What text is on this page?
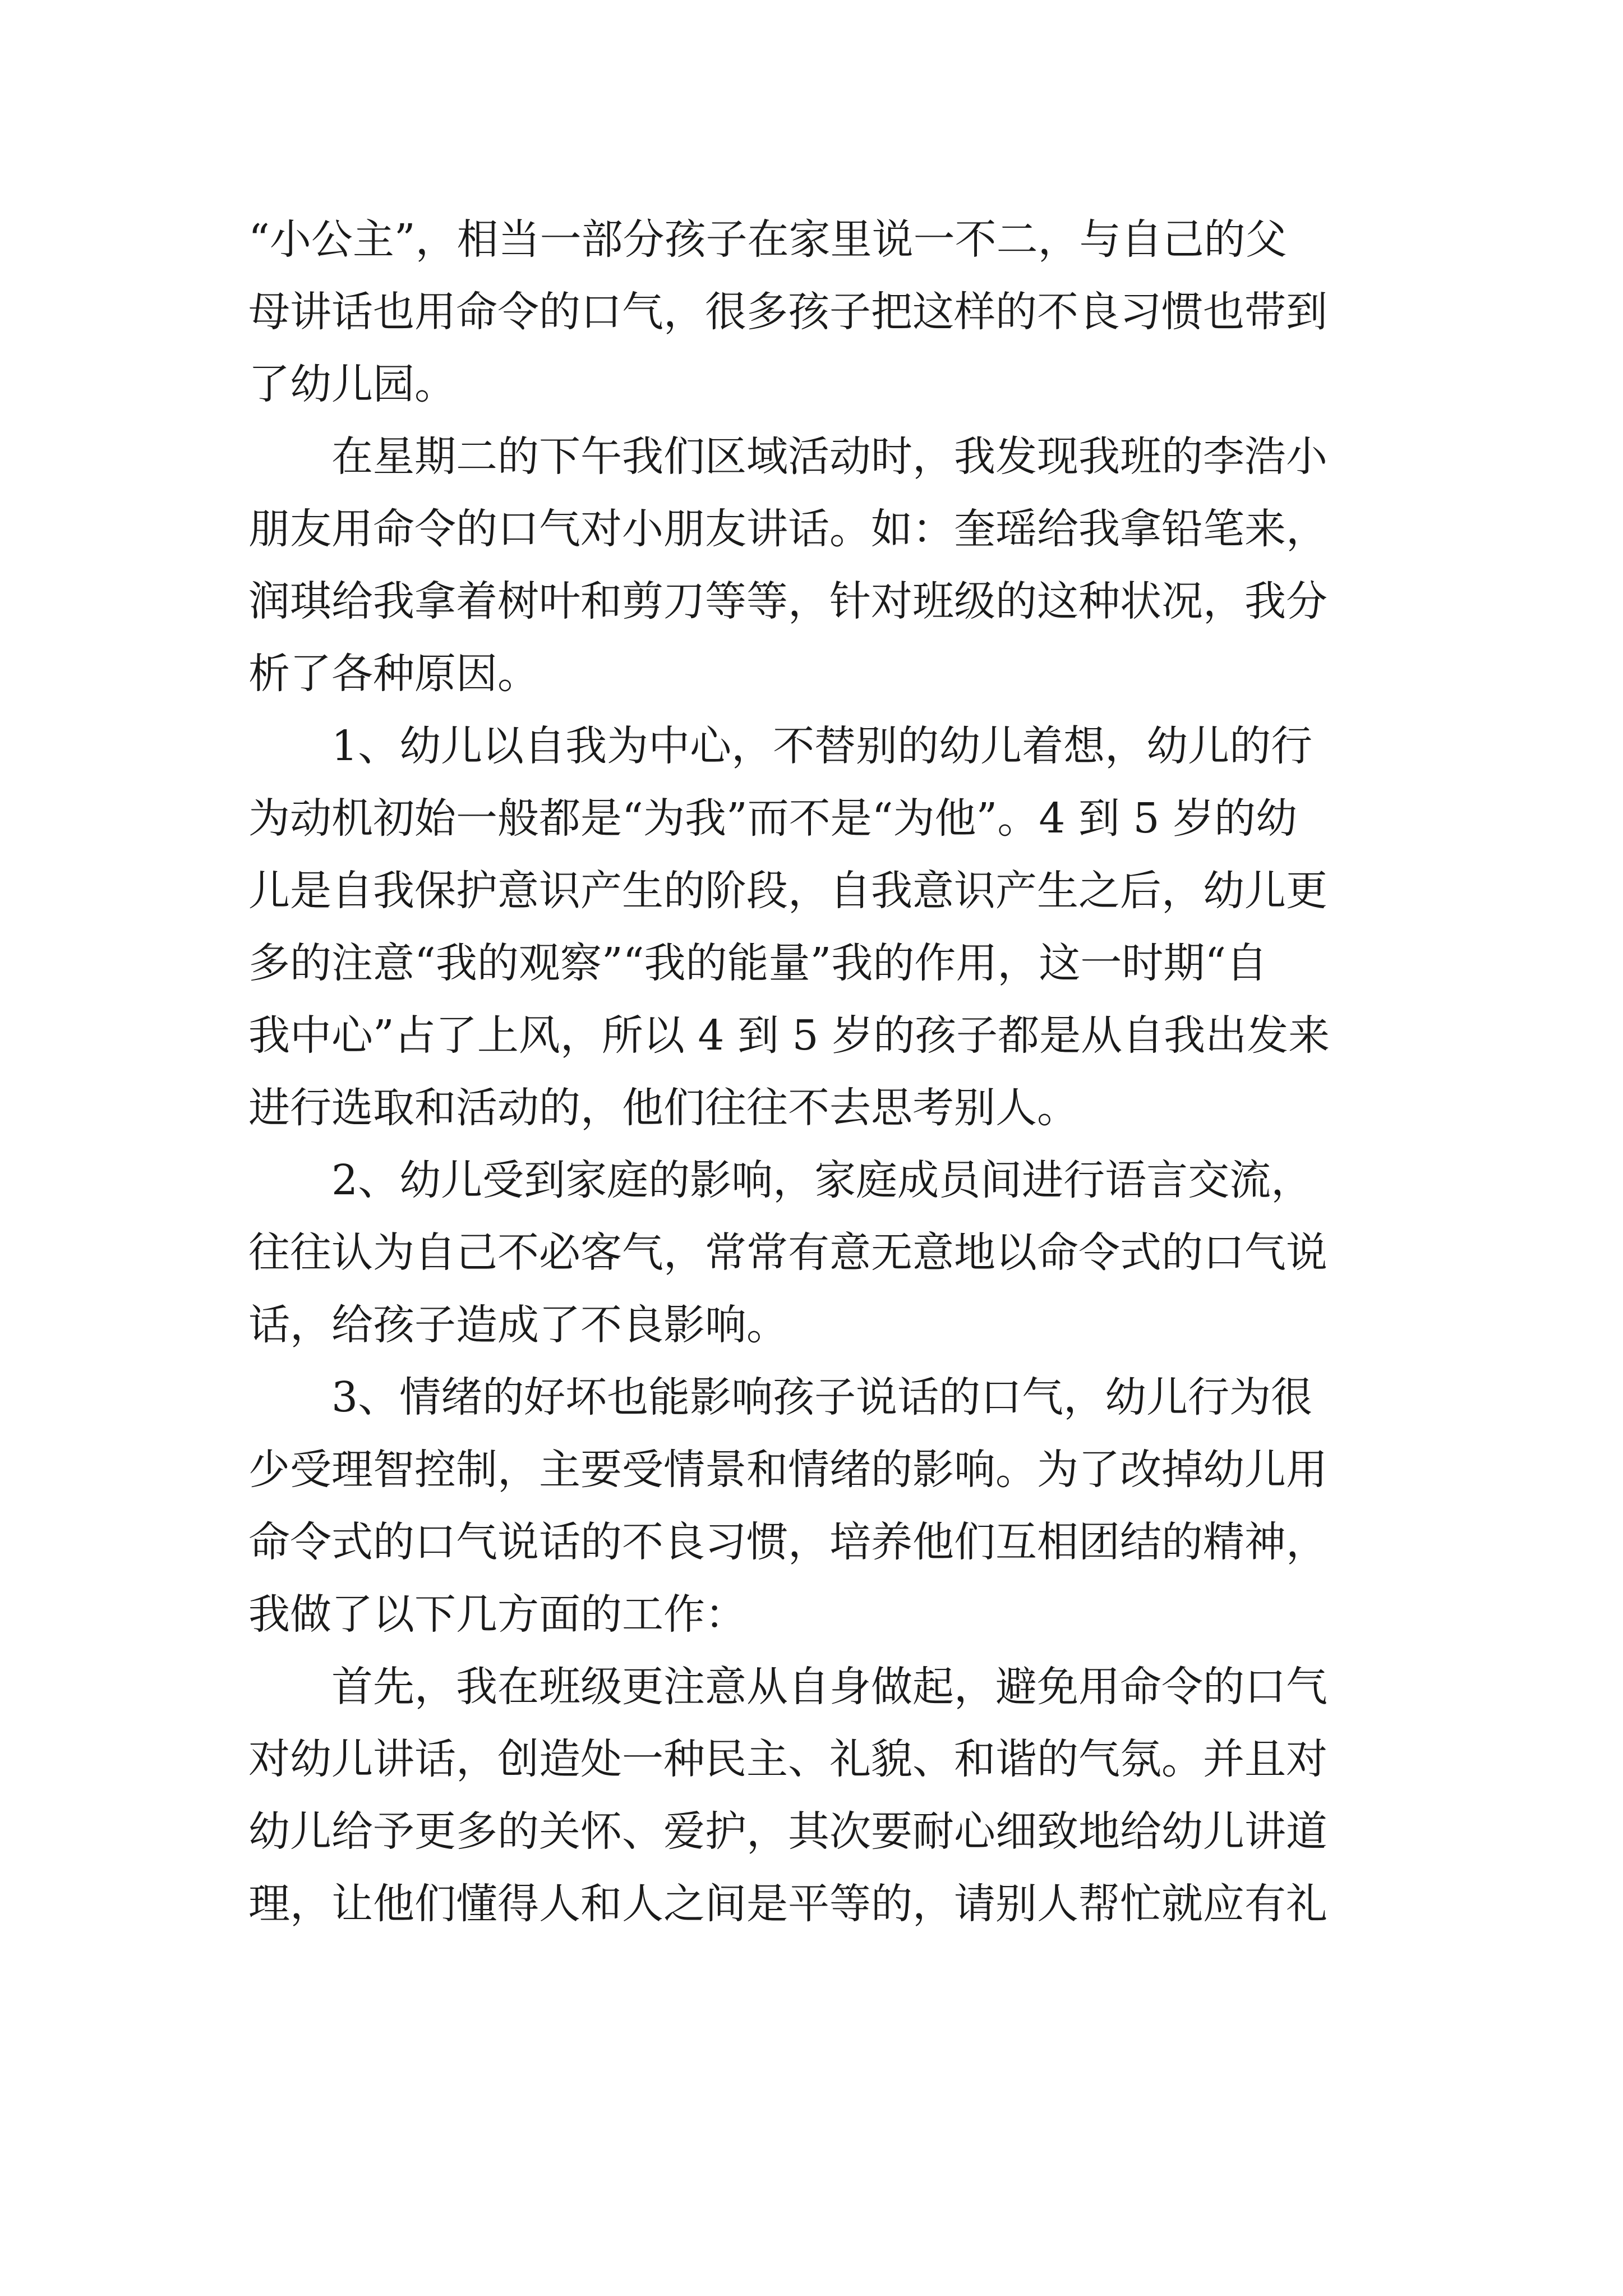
“小公主”，相当一部分孩子在家里说一不二，与自己的父
母讲话也用命令的口气，很多孩子把这样的不良习惯也带到
了幼儿园。
在星期二的下午我们区域活动时，我发现我班的李浩小
朋友用命令的口气对小朋友讲话。如：奎瑶给我拿铅笔来，
润琪给我拿着树叶和剪刀等等，针对班级的这种状况，我分
析了各种原因。
1、幼儿以自我为中心，不替别的幼儿着想，幼儿的行
为动机初始一般都是“为我”而不是“为他”。4 到 5 岁的幼
儿是自我保护意识产生的阶段，自我意识产生之后，幼儿更
多的注意“我的观察”“我的能量”我的作用，这一时期“自
我中心”占了上风，所以 4 到 5 岁的孩子都是从自我出发来
进行选取和活动的，他们往往不去思考别人。
2、幼儿受到家庭的影响，家庭成员间进行语言交流，
往往认为自己不必客气，常常有意无意地以命令式的口气说
话，给孩子造成了不良影响。
3、情绪的好坏也能影响孩子说话的口气，幼儿行为很
少受理智控制，主要受情景和情绪的影响。为了改掉幼儿用
命令式的口气说话的不良习惯，培养他们互相团结的精神，
我做了以下几方面的工作：
首先，我在班级更注意从自身做起，避免用命令的口气
对幼儿讲话，创造处一种民主、礼貌、和谐的气氛。并且对
幼儿给予更多的关怀、爱护，其次要耐心细致地给幼儿讲道
理，让他们懂得人和人之间是平等的，请别人帮忙就应有礼
